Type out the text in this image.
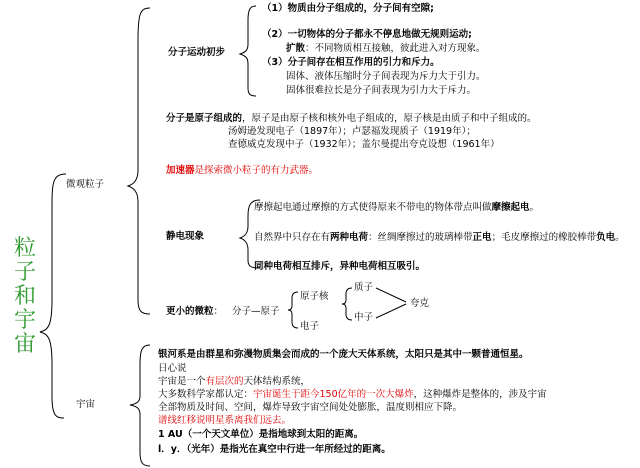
粒
子
和
宇
宙
微观粒子
宇宙
分子运动初步
（1）物质由分子组成的，分子间有空隙;
（2）一切物体的分子都永不停息地做无规则运动;
扩散：不同物质相互接触，彼此进入对方现象。
（3）分子间存在相互作用的引力和斥力。
固体、液体压缩时分子间表现为斥力大于引力。
固体很难拉长是分子间表现为引力大于斥力。
分子是原子组成的，原子是由原子核和核外电子组成的，原子核是由质子和中子组成的。
汤姆逊发现电子（1897年）；卢瑟福发现质子（1919年）；
查德威克发现中子（1932年）；盖尔曼提出夸克设想（1961年）
加速器是探索微小粒子的有力武器。
静电现象
摩擦起电通过摩擦的方式使得原来不带电的物体带点叫做摩擦起电。
自然界中只存在有两种电荷：丝绸摩擦过的玻璃棒带正电；毛皮摩擦过的橡胶棒带负电。
同种电荷相互排斥，异种电荷相互吸引。
更小的微粒： 分子—原子
原子核
电子
质子
中子
夸克
银河系是由群星和弥漫物质集会而成的一个庞大天体系统，太阳只是其中一颗普通恒星。
日心说
宇宙是一个有层次的天体结构系统，
大多数科学家都认定：宇宙诞生于距今150亿年的一次大爆炸，这种爆炸是整体的，涉及宇宙
全部物质及时间、空间，爆炸导致宇宙空间处处膨胀，温度则相应下降。
谱线红移说明星系离我们远去。
1 AU（一个天文单位）是指地球到太阳的距离。
l．y．（光年）是指光在真空中行进一年所经过的距离。
